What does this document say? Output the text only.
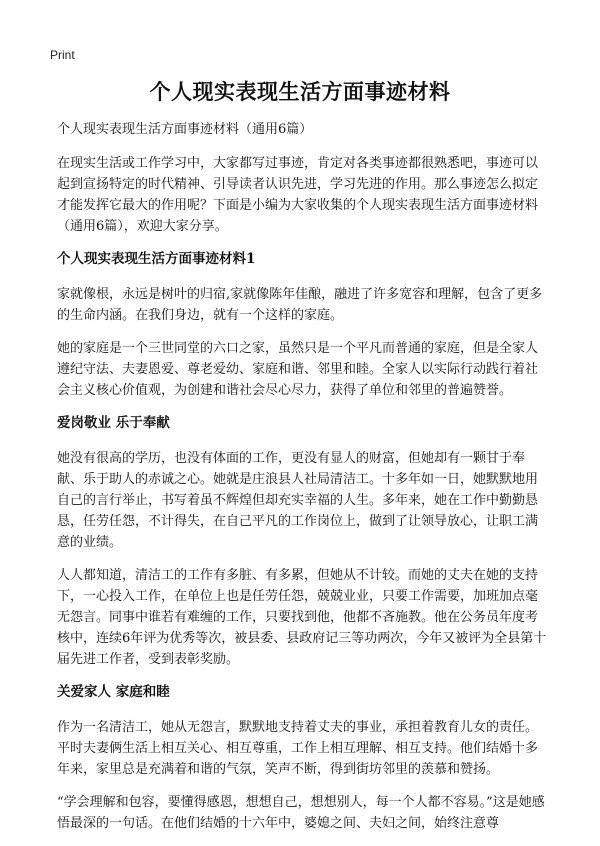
Print
个人现实表现生活方面事迹材料

个人现实表现生活方面事迹材料（通用6篇）

在现实生活或工作学习中，大家都写过事迹，肯定对各类事迹都很熟悉吧，事迹可以起到宣扬特定的时代精神、引导读者认识先进，学习先进的作用。那么事迹怎么拟定才能发挥它最大的作用呢？下面是小编为大家收集的个人现实表现生活方面事迹材料（通用6篇），欢迎大家分享。

个人现实表现生活方面事迹材料1

家就像根，永远是树叶的归宿,家就像陈年佳酿，融进了许多宽容和理解，包含了更多的生命内涵。在我们身边，就有一个这样的家庭。

她的家庭是一个三世同堂的六口之家，虽然只是一个平凡而普通的家庭，但是全家人遵纪守法、夫妻恩爱、尊老爱幼、家庭和谐、邻里和睦。全家人以实际行动践行着社会主义核心价值观，为创建和谐社会尽心尽力，获得了单位和邻里的普遍赞誉。

爱岗敬业 乐于奉献

她没有很高的学历，也没有体面的工作，更没有显人的财富，但她却有一颗甘于奉献、乐于助人的赤诚之心。她就是庄浪县人社局清洁工。十多年如一日，她默默地用自己的言行举止，书写着虽不辉煌但却充实幸福的人生。多年来，她在工作中勤勤恳恳，任劳任怨，不计得失，在自己平凡的工作岗位上，做到了让领导放心，让职工满意的业绩。

人人都知道，清洁工的工作有多脏、有多累，但她从不计较。而她的丈夫在她的支持下，一心投入工作，在单位上也是任劳任怨，兢兢业业，只要工作需要，加班加点毫无怨言。同事中谁若有难缠的工作，只要找到他，他都不吝施教。他在公务员年度考核中，连续6年评为优秀等次，被县委、县政府记三等功两次，今年又被评为全县第十届先进工作者，受到表彰奖励。

关爱家人 家庭和睦

作为一名清洁工，她从无怨言，默默地支持着丈夫的事业，承担着教育儿女的责任。平时夫妻俩生活上相互关心、相互尊重，工作上相互理解、相互支持。他们结婚十多年来，家里总是充满着和谐的气氛，笑声不断，得到街坊邻里的羡慕和赞扬。

“学会理解和包容，要懂得感恩，想想自己，想想别人，每一个人都不容易。”这是她感悟最深的一句话。在他们结婚的十六年中，婆媳之间、夫妇之间，始终注意尊
